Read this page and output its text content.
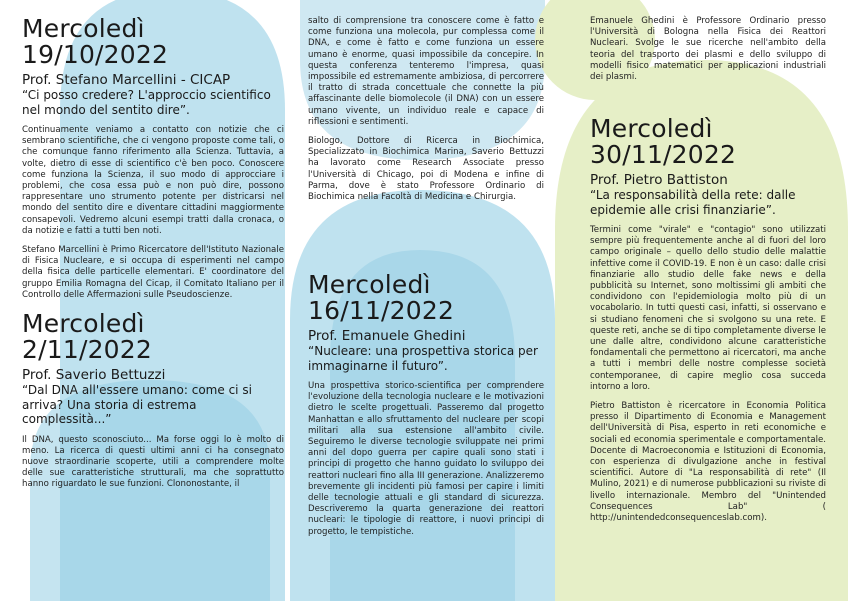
Mercoledì
19/10/2022
Prof. Stefano Marcellini - CICAP
“Ci posso credere? L'approccio scientifico nel mondo del sentito dire”.
Continuamente veniamo a contatto con notizie che ci sembrano scientifiche, che ci vengono proposte come tali, o che comunque fanno riferimento alla Scienza. Tuttavia, a volte, dietro di esse di scientifico c'è ben poco. Conoscere come funziona la Scienza, il suo modo di approcciare i problemi, che cosa essa può e non può dire, possono rappresentare uno strumento potente per districarsi nel mondo del sentito dire e diventare cittadini maggiormente consapevoli. Vedremo alcuni esempi tratti dalla cronaca, o da notizie e fatti a tutti ben noti.
Stefano Marcellini è Primo Ricercatore dell'Istituto Nazionale di Fisica Nucleare, e si occupa di esperimenti nel campo della fisica delle particelle elementari. E' coordinatore del gruppo Emilia Romagna del Cicap, il Comitato Italiano per il Controllo delle Affermazioni sulle Pseudoscienze.
Mercoledì
2/11/2022
Prof. Saverio Bettuzzi
“Dal DNA all'essere umano: come ci si arriva? Una storia di estrema complessità...”
Il DNA, questo sconosciuto... Ma forse oggi lo è molto di meno. La ricerca di questi ultimi anni ci ha consegnato nuove straordinarie scoperte, utili a comprendere molte delle sue caratteristiche strutturali, ma che soprattutto hanno riguardato le sue funzioni. Clononostante, il
salto di comprensione tra conoscere come è fatto e come funziona una molecola, pur complessa come il DNA, e come è fatto e come funziona un essere umano è enorme, quasi impossibile da concepire. In questa conferenza tenteremo l'impresa, quasi impossibile ed estremamente ambiziosa, di percorrere il tratto di strada concettuale che connette la più affascinante delle biomolecole (il DNA) con un essere umano vivente, un individuo reale e capace di riflessioni e sentimenti.
Biologo, Dottore di Ricerca in Biochimica, Specializzato in Biochimica Marina, Saverio Bettuzzi ha lavorato come Research Associate presso l'Università di Chicago, poi di Modena e infine di Parma, dove è stato Professore Ordinario di Biochimica nella Facoltà di Medicina e Chirurgia.
Mercoledì
16/11/2022
Prof. Emanuele Ghedini
“Nucleare: una prospettiva storica per immaginarne il futuro”.
Una prospettiva storico-scientifica per comprendere l'evoluzione della tecnologia nucleare e le motivazioni dietro le scelte progettuali. Passeremo dal progetto Manhattan e allo sfruttamento del nucleare per scopi militari alla sua estensione all'ambito civile. Seguiremo le diverse tecnologie sviluppate nei primi anni del dopo guerra per capire quali sono stati i principi di progetto che hanno guidato lo sviluppo dei reattori nucleari fino alla III generazione. Analizzeremo brevemente gli incidenti più famosi per capire i limiti delle tecnologie attuali e gli standard di sicurezza. Descriveremo la quarta generazione dei reattori nucleari: le tipologie di reattore, i nuovi principi di progetto, le tempistiche.
Emanuele Ghedini è Professore Ordinario presso l'Università di Bologna nella Fisica dei Reattori Nucleari. Svolge le sue ricerche nell'ambito della teoria del trasporto dei plasmi e dello sviluppo di modelli fisico matematici per applicazioni industriali dei plasmi.
Mercoledì
30/11/2022
Prof. Pietro Battiston
“La responsabilità della rete: dalle epidemie alle crisi finanziarie”.
Termini come "virale" e "contagio" sono utilizzati sempre più frequentemente anche al di fuori del loro campo originale – quello dello studio delle malattie infettive come il COVID-19. E non è un caso: dalle crisi finanziarie allo studio delle fake news e della pubblicità su Internet, sono moltissimi gli ambiti che condividono con l'epidemiologia molto più di un vocabolario. In tutti questi casi, infatti, si osservano e si studiano fenomeni che si svolgono su una rete. E queste reti, anche se di tipo completamente diverse le une dalle altre, condividono alcune caratteristiche fondamentali che permettono ai ricercatori, ma anche a tutti i membri delle nostre complesse società contemporanee, di capire meglio cosa succeda intorno a loro.
Pietro Battiston è ricercatore in Economia Politica presso il Dipartimento di Economia e Management dell'Università di Pisa, esperto in reti economiche e sociali ed economia sperimentale e comportamentale. Docente di Macroeconomia e Istituzioni di Economia, con esperienza di divulgazione anche in festival scientifici. Autore di "La responsabilità di rete" (Il Mulino, 2021) e di numerose pubblicazioni su riviste di livello internazionale. Membro del "Unintended Consequences Lab" ( http://unintendedconsequenceslab.com).
